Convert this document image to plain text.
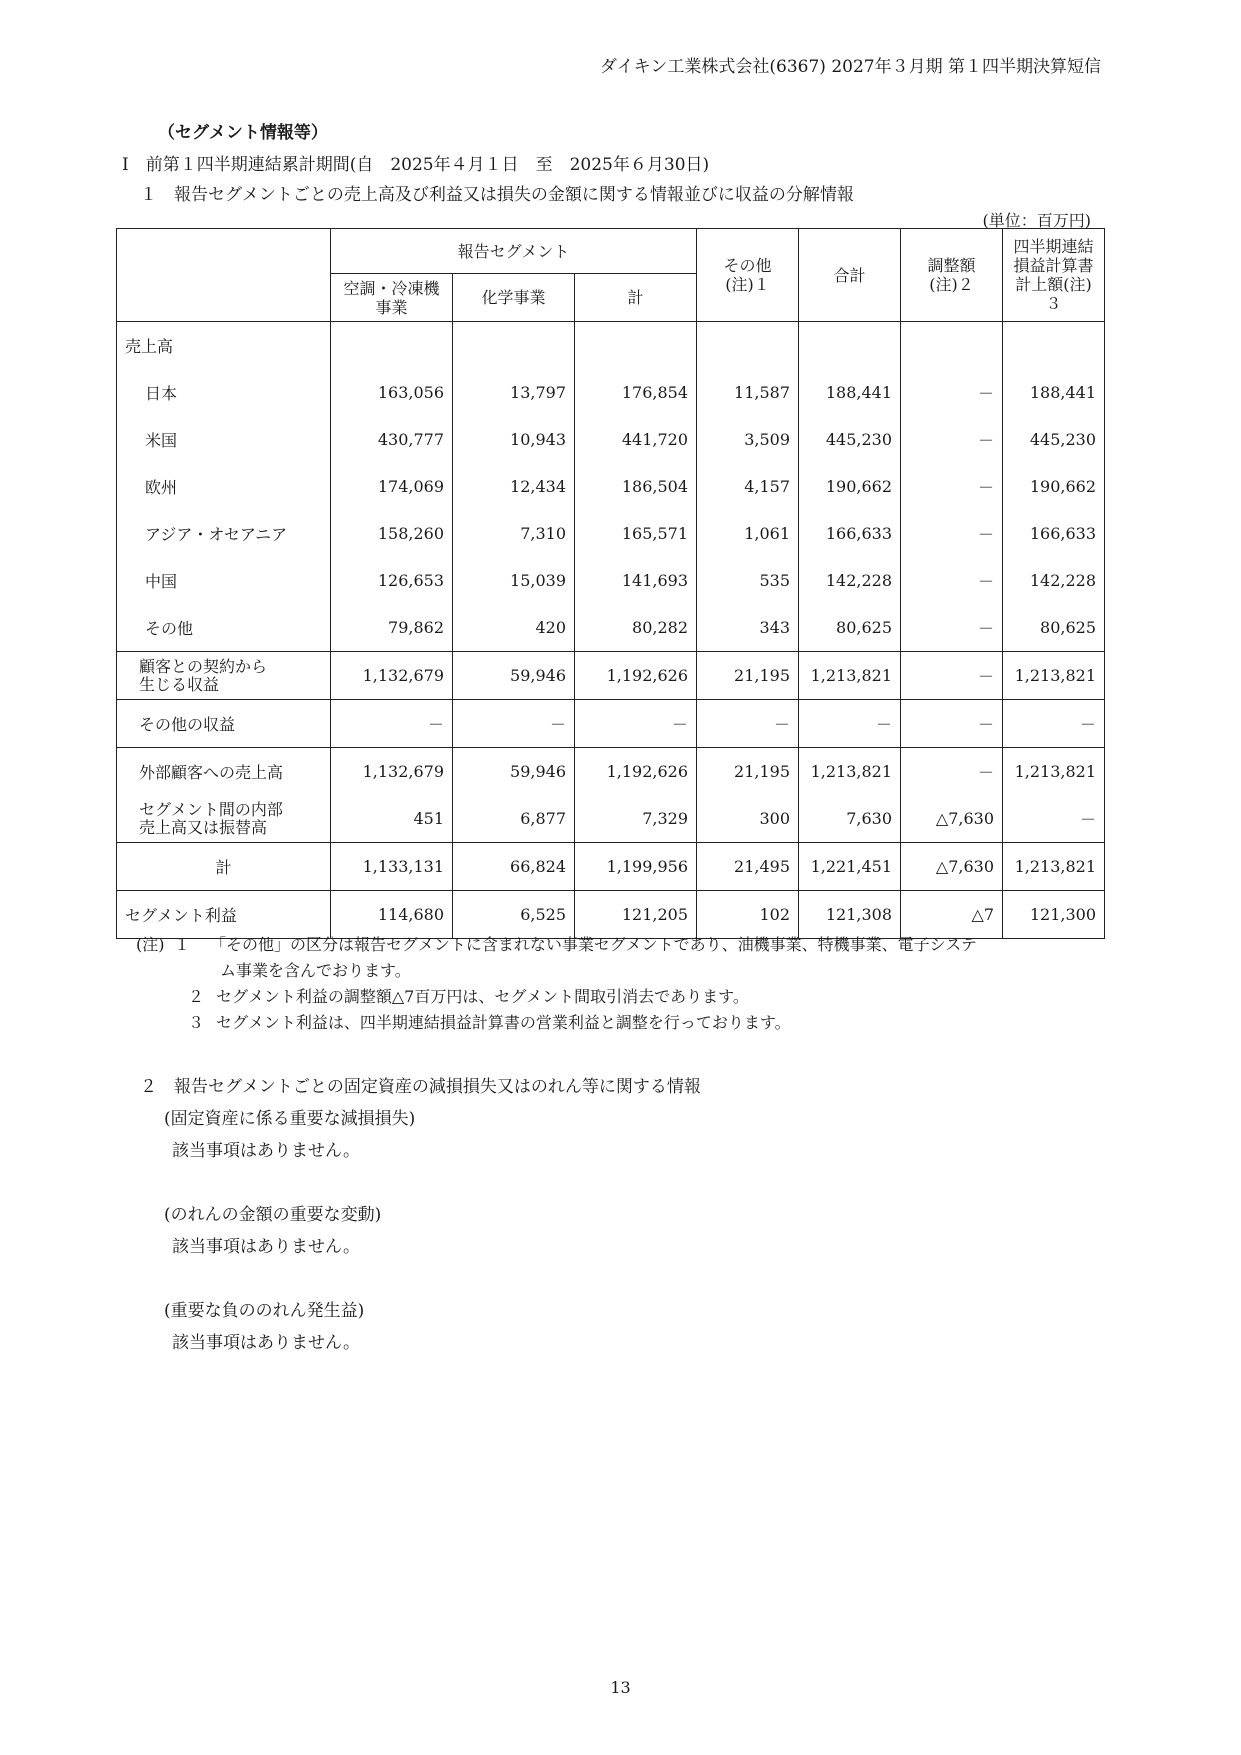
ダイキン工業株式会社(6367) 2027年３月期 第１四半期決算短信
（セグメント情報等）
Ⅰ　前第１四半期連結累計期間(自　2025年４月１日　至　2025年６月30日)
１　報告セグメントごとの売上高及び利益又は損失の金額に関する情報並びに収益の分解情報
(単位：百万円)
	報告セグメント			その他(注)１	合計	調整額(注)２	四半期連結損益計算書計上額(注)３

	空調・冷凍機事業	化学事業	計				
売上高							
日本	163,056	13,797	176,854	11,587	188,441	－	188,441
米国	430,777	10,943	441,720	3,509	445,230	－	445,230
欧州	174,069	12,434	186,504	4,157	190,662	－	190,662
アジア・オセアニア	158,260	7,310	165,571	1,061	166,633	－	166,633
中国	126,653	15,039	141,693	535	142,228	－	142,228
その他	79,862	420	80,282	343	80,625	－	80,625

顧客との契約から
生じる収益	1,132,679	59,946	1,192,626	21,195	1,213,821	－	1,213,821
その他の収益	－	－	－	－	－	－	－
外部顧客への売上高	1,132,679	59,946	1,192,626	21,195	1,213,821	－	1,213,821

セグメント間の内部
売上高又は振替高	451	6,877	7,329	300	7,630	△7,630	－
計	1,133,131	66,824	1,199,956	21,495	1,221,451	△7,630	1,213,821
セグメント利益	114,680	6,525	121,205	102	121,308	△7	121,300
(注) １	「その他」の区分は報告セグメントに含まれない事業セグメントであり、油機事業、特機事業、電子システ
ム事業を含んでおります。
２ セグメント利益の調整額△7百万円は、セグメント間取引消去であります。
３ セグメント利益は、四半期連結損益計算書の営業利益と調整を行っております。

２　報告セグメントごとの固定資産の減損損失又はのれん等に関する情報

(固定資産に係る重要な減損損失)

該当事項はありません。

(のれんの金額の重要な変動)

該当事項はありません。

(重要な負ののれん発生益)

該当事項はありません。

13
